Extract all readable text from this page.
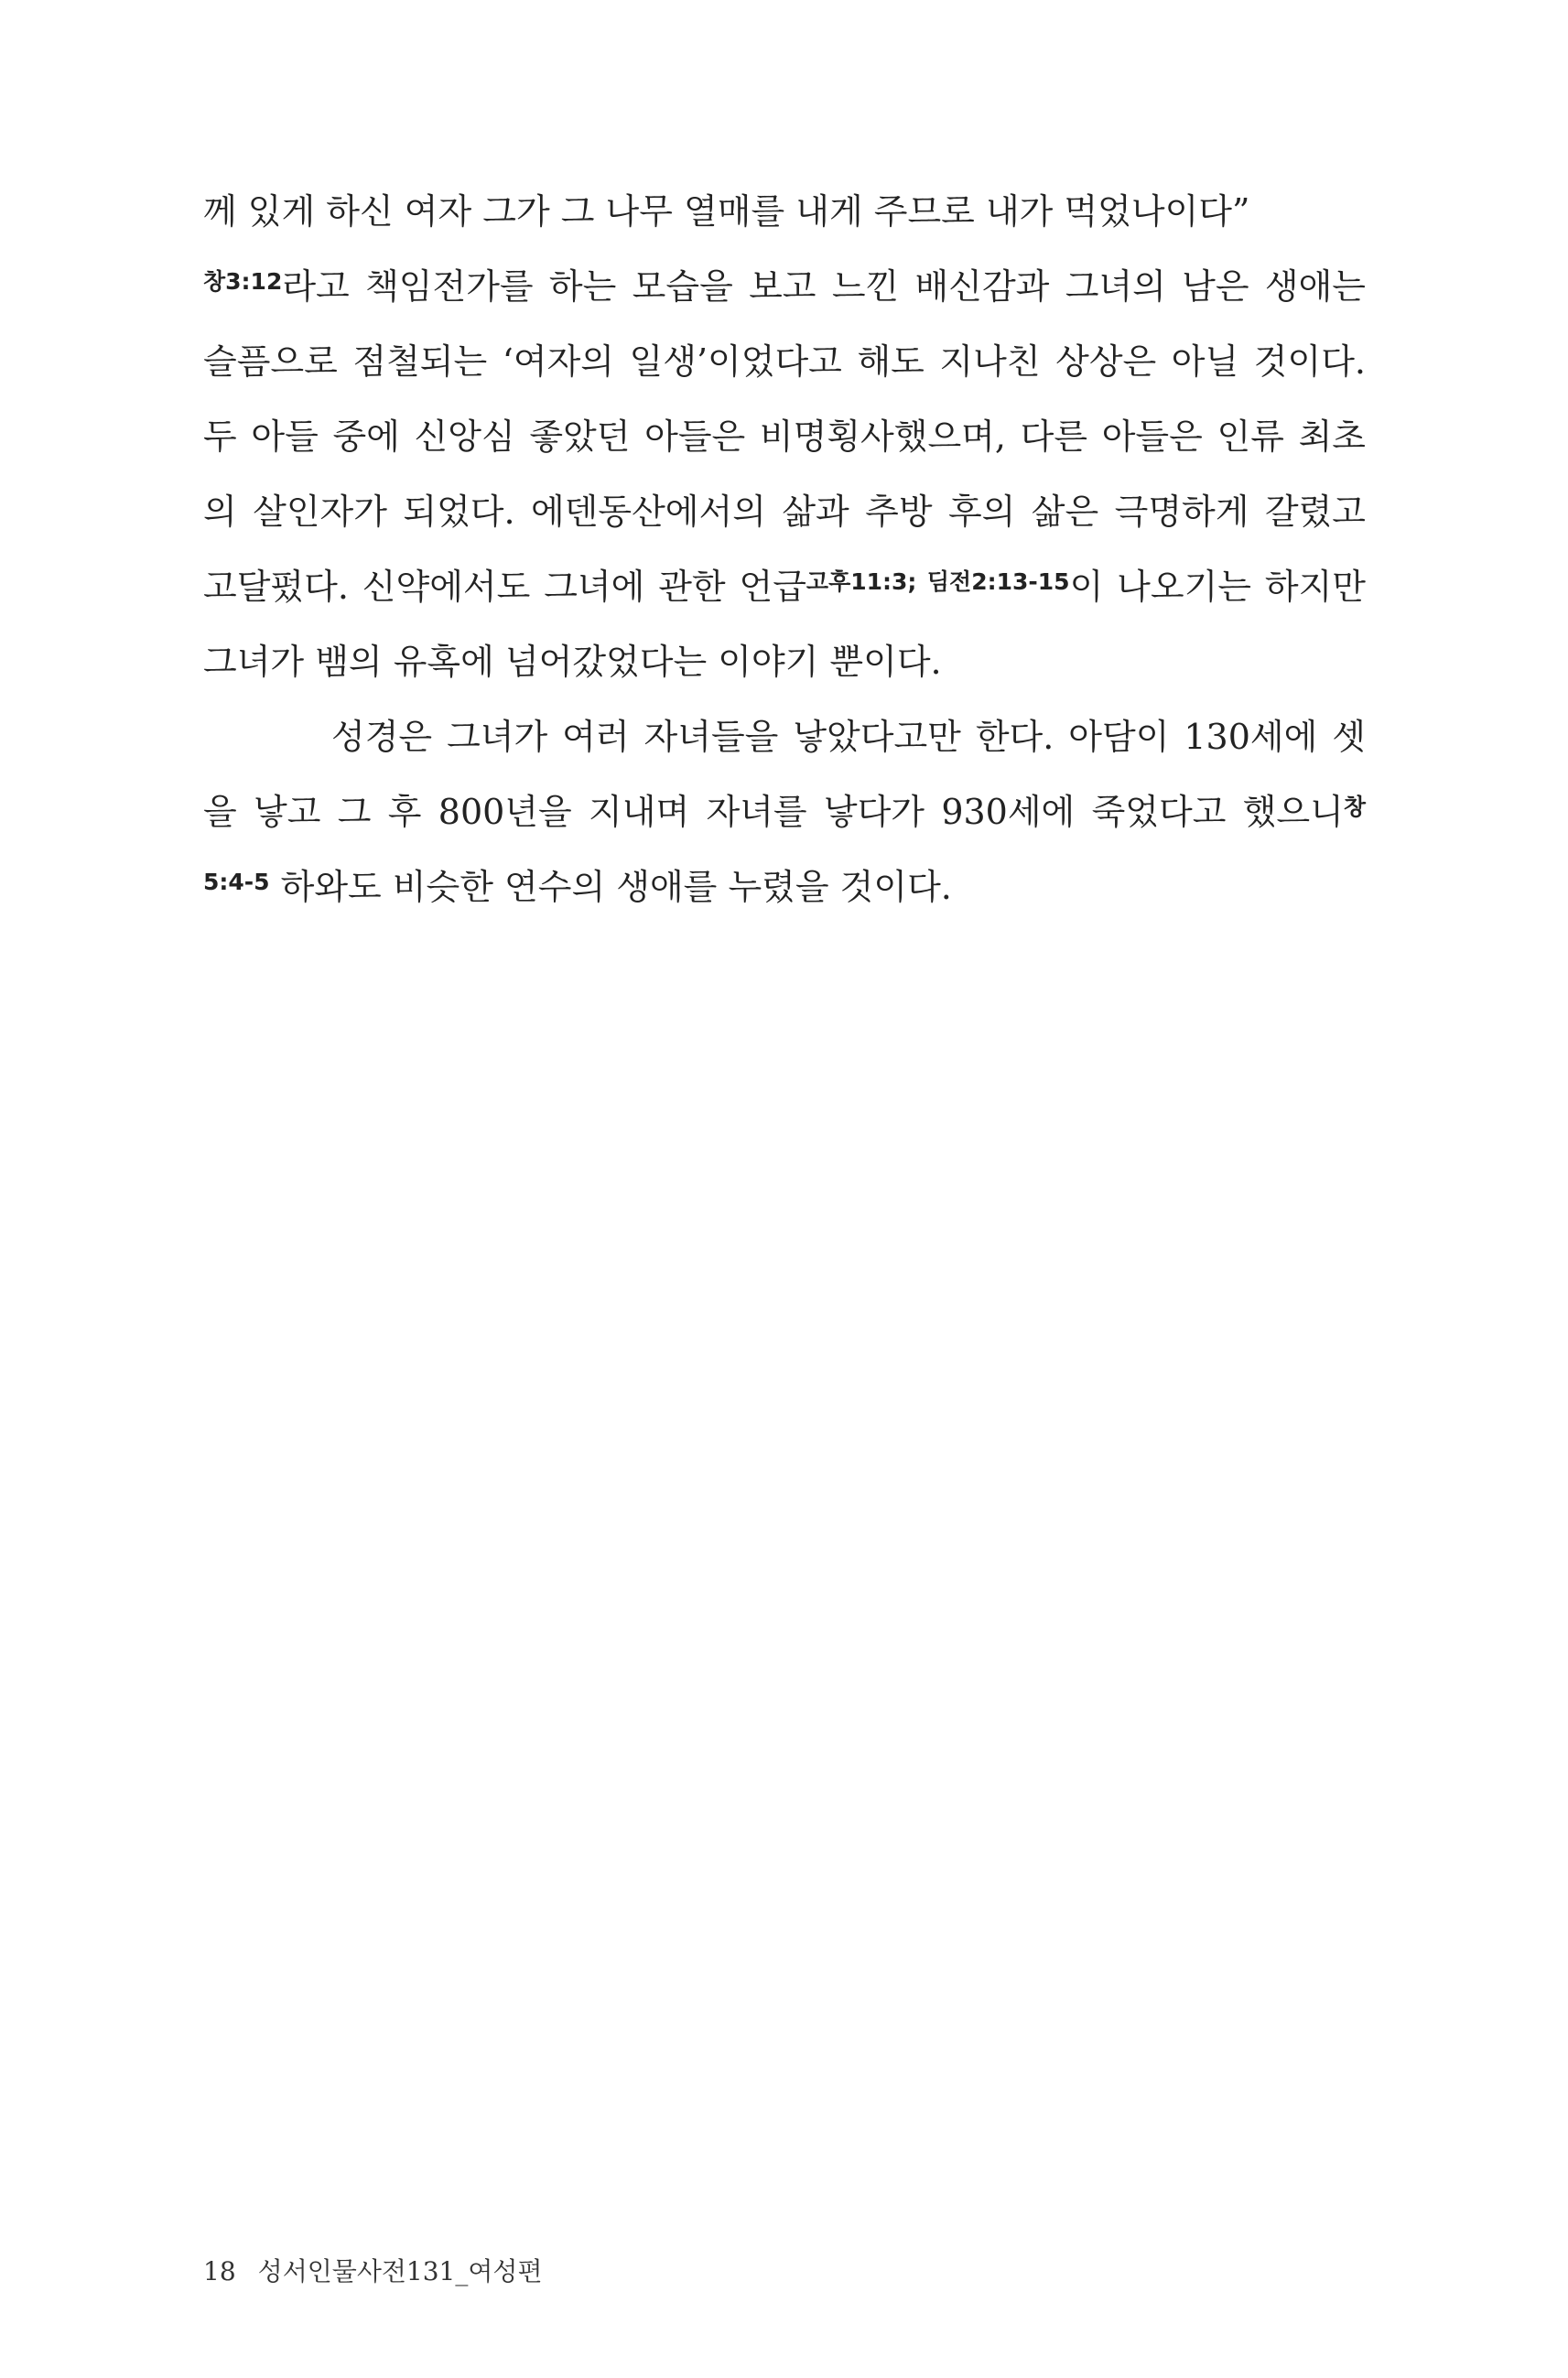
께 있게 하신 여자 그가 그 나무 열매를 내게 주므로 내가 먹었나이다”
$^{창3:12}$라고 책임전가를 하는 모습을 보고 느낀 배신감과 그녀의 남은 생애는 슬픔으로 점철되는 ‘여자의 일생’이었다고 해도 지나친 상상은 아닐 것이다. 두 아들 중에 신앙심 좋았던 아들은 비명횡사했으며, 다른 아들은 인류 최초의 살인자가 되었다. 에덴동산에서의 삶과 추방 후의 삶은 극명하게 갈렸고 고달펐다. 신약에서도 그녀에 관한 언급$^{고후11:3; 딤전2:13-15}$이 나오기는 하지만 그녀가 뱀의 유혹에 넘어갔었다는 이야기 뿐이다.

성경은 그녀가 여러 자녀들을 낳았다고만 한다. 아담이 130세에 셋을 낳고 그 후 800년을 지내며 자녀를 낳다가 930세에 죽었다고 했으니$^{창 5:4-5}$ 하와도 비슷한 연수의 생애를 누렸을 것이다.

18 성서인물사전131_여성편
